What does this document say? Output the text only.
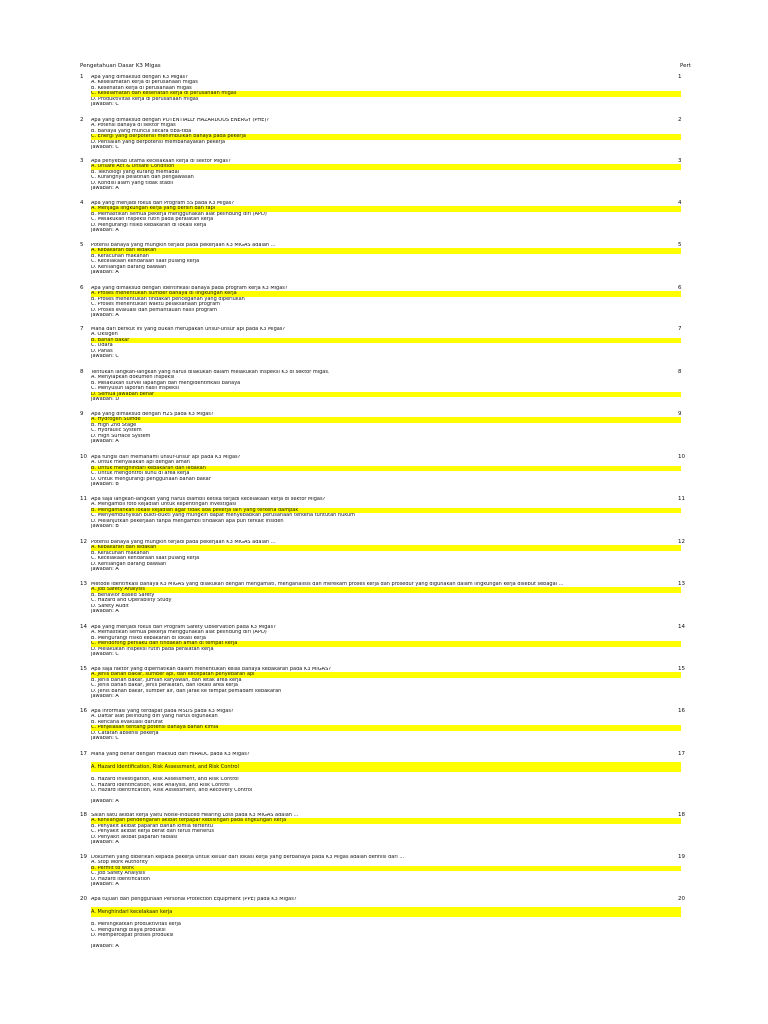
Pengetahuan Dasar K3 Migas	Pert
1 Apa yang dimaksud dengan K3 Migas?	1
A. Keselamatan kerja di perusahaan migas
B. Kesehatan kerja di perusahaan migas
C. Keselamatan dan kesehatan kerja di perusahaan migas
D. Produktivitas kerja di perusahaan migas
Jawaban: C
2 Apa yang dimaksud dengan POTENTIALLY HAZARDOUS ENERGY (PHE)?	2
A. Potensi bahaya di sektor migas
B. Bahaya yang muncul secara tiba-tiba
C. Energi yang berpotensi menimbulkan bahaya pada pekerja
D. Perisalah yang berpotensi membahayakan pekerja
Jawaban: C
3 Apa penyebab utama kecelakaan kerja di sektor Migas?	3
A. Unsafe Act & Unsafe Condition
B. Teknologi yang kurang memadai
C. Kurangnya pelatihan dan pengawasan
D. Kondisi alam yang tidak stabil
Jawaban: A
4 Apa yang menjadi fokus dari Program 5S pada K3 Migas?	4
A. Menjaga lingkungan kerja yang bersih dan rapi
B. Memastikan semua pekerja menggunakan alat pelindung diri (APD)
C. Melakukan inspeksi rutin pada peralatan kerja
D. Mengurangi risiko kebakaran di lokasi kerja
Jawaban: A
5 Potensi bahaya yang mungkin terjadi pada pekerjaan K3 MIGAS adalah ...	5
A. Kebakaran dan ledakan
B. Keracunan makanan
C. Kecelakaan kendaraan saat pulang kerja
D. Kehilangan barang bawaan
Jawaban: A
6 Apa yang dimaksud dengan identifikasi bahaya pada program kerja K3 Migas?	6
A. Proses menentukan sumber bahaya di lingkungan kerja
B. Proses menentukan tindakan pencegahan yang diperlukan
C. Proses menentukan waktu pelaksanaan program
D. Proses evaluasi dan pemantauan hasil program
Jawaban: A
7 Mana dari berikut ini yang bukan merupakan unsur-unsur api pada K3 Migas?	7
A. Oksigen
B. Bahan bakar
C. Udara
D. Panas
Jawaban: C
8 Tentukan langkah-langkah yang harus dilakukan dalam melakukan inspeksi K3 di sektor migas.	8
A. Menyiapkan dokumen inspeksi
B. Melakukan survei lapangan dan mengidentifikasi bahaya
C. Menyusun laporan hasil inspeksi
D. Semua jawaban benar
Jawaban: D
9 Apa yang dimaksud dengan H2S pada K3 Migas?	9
A. Hydrogen Sulfide
B. High 2nd Stage
C. Hydraulic System
D. High Surface System
Jawaban: A
10 Apa fungsi dari memahami unsur-unsur api pada K3 Migas?	10
A. Untuk menyalakan api dengan aman
B. Untuk menghindari kebakaran dan ledakan
C. Untuk mengontrol suhu di area kerja
D. Untuk mengurangi penggunaan bahan bakar
Jawaban: B
11 Apa saja langkah-langkah yang harus diambil ketika terjadi kecelakaan kerja di sektor Migas?	11
A. Mengambil foto kejadian untuk kepentingan investigasi
B. Mengamankan lokasi kejadian agar tidak ada pekerja lain yang terkena dampak
C. Menyembunyikan bukti-bukti yang mungkin dapat menyebabkan perusahaan terkena tuntutan hukum
D. Melanjutkan pekerjaan tanpa mengambil tindakan apa pun terkait insiden
Jawaban: B
12 Potensi bahaya yang mungkin terjadi pada pekerjaan K3 MIGAS adalah ...	12
A. Kebakaran dan ledakan
B. Keracunan makanan
C. Kecelakaan kendaraan saat pulang kerja
D. Kehilangan barang bawaan
Jawaban: A
13 Metode identifikasi bahaya K3 MIGAS yang dilakukan dengan mengamati, menganalisis dan merekam proses kerja dan prosedur yang digunakan dalam lingkungan kerja disebut sebagai ...	13
A. Job Safety Analysis
B. Behavior Based Safety
C. Hazard and Operability Study
D. Safety Audit
Jawaban: A
14 Apa yang menjadi fokus dari Program Safety Observation pada K3 Migas?	14
A. Memastikan semua pekerja menggunakan alat pelindung diri (APD)
B. Mengurangi risiko kebakaran di lokasi kerja
C. Mendorong perilaku dan tindakan aman di tempat kerja
D. Melakukan inspeksi rutin pada peralatan kerja
Jawaban: C
15 Apa saja faktor yang diperhatikan dalam menentukan kelas bahaya kebakaran pada K3 MIGAS?	15
A. Jenis bahan bakar, sumber api, dan kecepatan penyebaran api
B. Jenis bahan bakar, jumlah karyawan, dan letak area kerja
C. Jenis bahan bakar, jenis peralatan, dan lokasi area kerja
D. Jenis bahan bakar, sumber air, dan jarak ke tempat pemadam kebakaran
Jawaban: A
16 Apa informasi yang terdapat pada MSDS pada K3 Migas?	16
A. Daftar alat pelindung diri yang harus digunakan
B. Rencana evakuasi darurat
C. Penjelasan tentang potensi bahaya bahan kimia
D. Catatan absensi pekerja
Jawaban: C
17 Mana yang benar dengan maksud dari HIRADC pada K3 Migas?	17
A. Hazard Identification, Risk Assessment, and Risk Control
B. Hazard Investigation, Risk Assessment, and Risk Control
C. Hazard Identification, Risk Analysis, and Risk Control
D. Hazard Identification, Risk Assessment, and Recovery Control
Jawaban: A
18 Salah satu akibat kerja yaitu Noise-Induced Hearing Loss pada K3 MIGAS adalah ...	18
A. Kehilangan pendengaran akibat terpapar kebisingan pada lingkungan kerja
B. Penyakit akibat paparan bahan kimia tertentu
C. Penyakit akibat kerja berat dan terus menerus
D. Penyakit akibat paparan radiasi
Jawaban: A
19 Dokumen yang diberikan kepada pekerja untuk keluar dari lokasi kerja yang berbahaya pada K3 Migas adalah definisi dari ...	19
A. Stop Work Authority
B. Permit to work
C. Job Safety Analysis
D. Hazard Identification
Jawaban: A
20 Apa tujuan dari penggunaan Personal Protection Equipment (PPE) pada K3 Migas?	20
A. Menghindari kecelakaan kerja
B. Meningkatkan produktivitas kerja
C. Mengurangi biaya produksi
D. Mempercepat proses produksi
Jawaban: A
